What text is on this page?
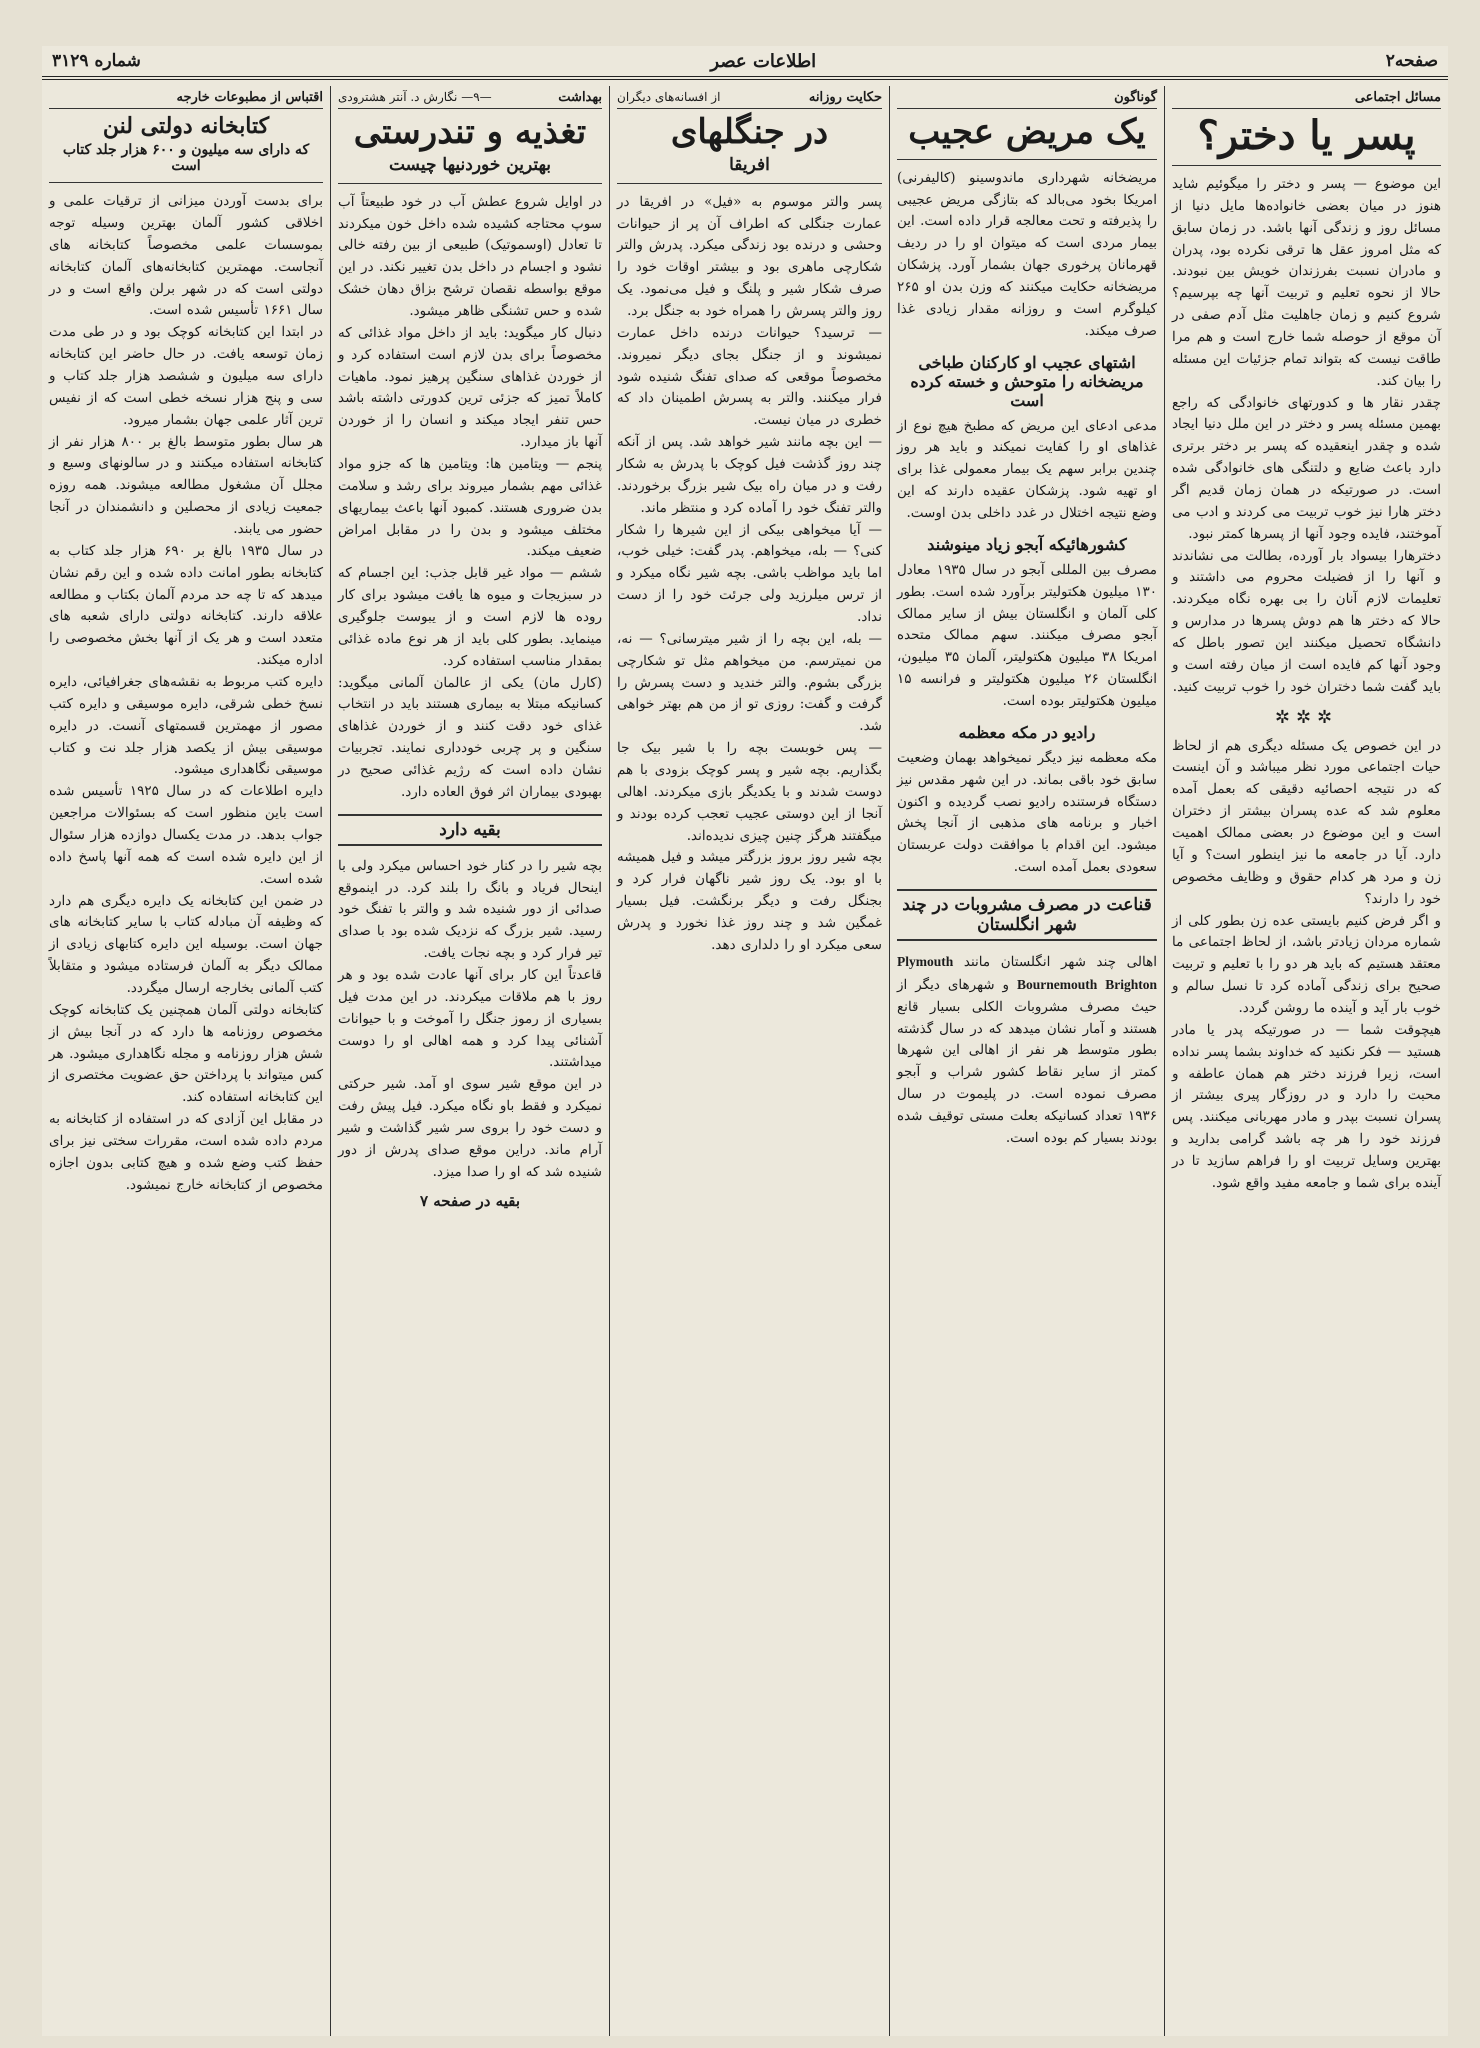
صفحه۲
اطلاعات عصر
شماره ۳۱۲۹
مسائل اجتماعی
پسر یا دختر؟
این موضوع — پسر و دختر را میگوئیم شاید هنوز در میان بعضی خانواده‌ها مایل دنیا از مسائل روز و زندگی آنها باشد. در زمان سابق که مثل امروز عقل ها ترقی نکرده بود، پدران و مادران نسبت بفرزندان خویش بین نبودند. حالا از نحوه تعلیم و تربیت آنها چه بپرسیم؟ شروع کنیم و زمان جاهلیت مثل آدم صفی در آن موقع از حوصله شما خارج است و هم مرا طاقت نیست که بتواند تمام جزئیات این مسئله را بیان کند.
چقدر نقار ها و کدورتهای خانوادگی که راجع بهمین مسئله پسر و دختر در این ملل دنیا ایجاد شده و چقدر اینعقیده که پسر بر دختر برتری دارد باعث ضایع و دلتنگی های خانوادگی شده است. در صورتیکه در همان زمان قدیم اگر دختر هارا نیز خوب تربیت می کردند و ادب می آموختند، فایده وجود آنها از پسرها کمتر نبود.
دخترهارا بیسواد بار آورده، بطالت می نشاندند و آنها را از فضیلت محروم می داشتند و تعلیمات لازم آنان را بی بهره نگاه میکردند. حالا که دختر ها هم دوش پسرها در مدارس و دانشگاه تحصیل میکنند این تصور باطل که وجود آنها کم فایده است از میان رفته است و باید گفت شما دختران خود را خوب تربیت کنید.
✲✲✲
در این خصوص یک مسئله دیگری هم از لحاظ حیات اجتماعی مورد نظر میباشد و آن اینست که در نتیجه احصائیه دقیقی که بعمل آمده معلوم شد که عده پسران بیشتر از دختران است و این موضوع در بعضی ممالک اهمیت دارد. آیا در جامعه ما نیز اینطور است؟ و آیا زن و مرد هر کدام حقوق و وظایف مخصوص خود را دارند؟
و اگر فرض کنیم بایستی عده زن بطور کلی از شماره مردان زیادتر باشد، از لحاظ اجتماعی ما معتقد هستیم که باید هر دو را با تعلیم و تربیت صحیح برای زندگی آماده کرد تا نسل سالم و خوب بار آید و آینده ما روشن گردد.
هیچوقت شما — در صورتیکه پدر یا مادر هستید — فکر نکنید که خداوند بشما پسر نداده است، زیرا فرزند دختر هم همان عاطفه و محبت را دارد و در روزگار پیری بیشتر از پسران نسبت بپدر و مادر مهربانی میکنند. پس فرزند خود را هر چه باشد گرامی بدارید و بهترین وسایل تربیت او را فراهم سازید تا در آینده برای شما و جامعه مفید واقع شود.
گوناگون
یک مریض عجیب
مریضخانه شهرداری ماندوسینو (کالیفرنی) امریکا بخود می‌بالد که بتازگی مریض عجیبی را پذیرفته و تحت معالجه قرار داده است. این بیمار مردی است که میتوان او را در ردیف قهرمانان پرخوری جهان بشمار آورد. پزشکان مریضخانه حکایت میکنند که وزن بدن او ۲۶۵ کیلوگرم است و روزانه مقدار زیادی غذا صرف میکند.
اشتهای عجیب او کارکنان طباخی مریضخانه را متوحش و خسته کرده است
مدعی ادعای این مریض که مطبخ هیچ نوع از غذاهای او را کفایت نمیکند و باید هر روز چندین برابر سهم یک بیمار معمولی غذا برای او تهیه شود. پزشکان عقیده دارند که این وضع نتیجه اختلال در غدد داخلی بدن اوست.
کشورهائیکه آبجو زیاد مینوشند
مصرف بین المللی آبجو در سال ۱۹۳۵ معادل ۱۳۰ میلیون هکتولیتر برآورد شده است. بطور کلی آلمان و انگلستان بیش از سایر ممالک آبجو مصرف میکنند. سهم ممالک متحده امریکا ۳۸ میلیون هکتولیتر، آلمان ۳۵ میلیون، انگلستان ۲۶ میلیون هکتولیتر و فرانسه ۱۵ میلیون هکتولیتر بوده است.
رادیو در مکه معظمه
مکه معظمه نیز دیگر نمیخواهد بهمان وضعیت سابق خود باقی بماند. در این شهر مقدس نیز دستگاه فرستنده رادیو نصب گردیده و اکنون اخبار و برنامه های مذهبی از آنجا پخش میشود. این اقدام با موافقت دولت عربستان سعودی بعمل آمده است.
قناعت در مصرف مشروبات در چند شهر انگلستان
اهالی چند شهر انگلستان مانند Plymouth Bournemouth Brighton و شهرهای دیگر از حیث مصرف مشروبات الکلی بسیار قانع هستند و آمار نشان میدهد که در سال گذشته بطور متوسط هر نفر از اهالی این شهرها کمتر از سایر نقاط کشور شراب و آبجو مصرف نموده است. در پلیموت در سال ۱۹۳۶ تعداد کسانیکه بعلت مستی توقیف شده بودند بسیار کم بوده است.
حکایت روزانه
از افسانه‌های دیگران
در جنگلهای
افریقا
پسر والتر موسوم به «فیل» در افریقا در عمارت جنگلی که اطراف آن پر از حیوانات وحشی و درنده بود زندگی میکرد. پدرش والتر شکارچی ماهری بود و بیشتر اوقات خود را صرف شکار شیر و پلنگ و فیل می‌نمود. یک روز والتر پسرش را همراه خود به جنگل برد.
— ترسید؟ حیوانات درنده داخل عمارت نمیشوند و از جنگل بجای دیگر نمیروند. مخصوصاً موقعی که صدای تفنگ شنیده شود فرار میکنند. والتر به پسرش اطمینان داد که خطری در میان نیست.
— این بچه مانند شیر خواهد شد. پس از آنکه چند روز گذشت فیل کوچک با پدرش به شکار رفت و در میان راه بیک شیر بزرگ برخوردند. والتر تفنگ خود را آماده کرد و منتظر ماند.
— آیا میخواهی بیکی از این شیرها را شکار کنی؟ — بله، میخواهم. پدر گفت: خیلی خوب، اما باید مواظب باشی. بچه شیر نگاه میکرد و از ترس میلرزید ولی جرئت خود را از دست نداد.
— بله، این بچه را از شیر میترسانی؟ — نه، من نمیترسم. من میخواهم مثل تو شکارچی بزرگی بشوم. والتر خندید و دست پسرش را گرفت و گفت: روزی تو از من هم بهتر خواهی شد.
— پس خوبست بچه را با شیر بیک جا بگذاریم. بچه شیر و پسر کوچک بزودی با هم دوست شدند و با یکدیگر بازی میکردند. اهالی آنجا از این دوستی عجیب تعجب کرده بودند و میگفتند هرگز چنین چیزی ندیده‌اند.
بچه شیر روز بروز بزرگتر میشد و فیل همیشه با او بود. یک روز شیر ناگهان فرار کرد و بجنگل رفت و دیگر برنگشت. فیل بسیار غمگین شد و چند روز غذا نخورد و پدرش سعی میکرد او را دلداری دهد.
بهداشت
—۹— نگارش د. آنتر هشترودی
تغذیه و تندرستی
بهترین خوردنیها چیست
در اوایل شروع عطش آب در خود طبیعتاً آب سوپ محتاجه کشیده شده داخل خون میکردند تا تعادل (اوسموتیک) طبیعی از بین رفته خالی نشود و اجسام در داخل بدن تغییر نکند. در این موقع بواسطه نقصان ترشح بزاق دهان خشک شده و حس تشنگی ظاهر میشود.
دنبال کار میگوید: باید از داخل مواد غذائی که مخصوصاً برای بدن لازم است استفاده کرد و از خوردن غذاهای سنگین پرهیز نمود. ماهیات کاملاً تمیز که جزئی ترین کدورتی داشته باشد حس تنفر ایجاد میکند و انسان را از خوردن آنها باز میدارد.
پنجم — ویتامین ها: ویتامین ها که جزو مواد غذائی مهم بشمار میروند برای رشد و سلامت بدن ضروری هستند. کمبود آنها باعث بیماریهای مختلف میشود و بدن را در مقابل امراض ضعیف میکند.
ششم — مواد غیر قابل جذب: این اجسام که در سبزیجات و میوه ها یافت میشود برای کار روده ها لازم است و از یبوست جلوگیری مینماید. بطور کلی باید از هر نوع ماده غذائی بمقدار مناسب استفاده کرد.
(کارل مان) یکی از عالمان آلمانی میگوید: کسانیکه مبتلا به بیماری هستند باید در انتخاب غذای خود دقت کنند و از خوردن غذاهای سنگین و پر چربی خودداری نمایند. تجربیات نشان داده است که رژیم غذائی صحیح در بهبودی بیماران اثر فوق العاده دارد.
بقیه دارد
بچه شیر را در کنار خود احساس میکرد ولی با اینحال فریاد و بانگ را بلند کرد. در اینموقع صدائی از دور شنیده شد و والتر با تفنگ خود رسید. شیر بزرگ که نزدیک شده بود با صدای تیر فرار کرد و بچه نجات یافت.
قاعدتاً این کار برای آنها عادت شده بود و هر روز با هم ملاقات میکردند. در این مدت فیل بسیاری از رموز جنگل را آموخت و با حیوانات آشنائی پیدا کرد و همه اهالی او را دوست میداشتند.
در این موقع شیر سوی او آمد. شیر حرکتی نمیکرد و فقط باو نگاه میکرد. فیل پیش رفت و دست خود را بروی سر شیر گذاشت و شیر آرام ماند. دراین موقع صدای پدرش از دور شنیده شد که او را صدا میزد.
بقیه در صفحه ۷
اقتباس از مطبوعات خارجه
کتابخانه دولتی لنن
که دارای سه میلیون و ۶۰۰ هزار جلد کتاب است
برای بدست آوردن میزانی از ترقیات علمی و اخلاقی کشور آلمان بهترین وسیله توجه بموسسات علمی مخصوصاً کتابخانه های آنجاست. مهمترین کتابخانه‌های آلمان کتابخانه دولتی است که در شهر برلن واقع است و در سال ۱۶۶۱ تأسیس شده است.
در ابتدا این کتابخانه کوچک بود و در طی مدت زمان توسعه یافت. در حال حاضر این کتابخانه دارای سه میلیون و ششصد هزار جلد کتاب و سی و پنج هزار نسخه خطی است که از نفیس ترین آثار علمی جهان بشمار میرود.
هر سال بطور متوسط بالغ بر ۸۰۰ هزار نفر از کتابخانه استفاده میکنند و در سالونهای وسیع و مجلل آن مشغول مطالعه میشوند. همه روزه جمعیت زیادی از محصلین و دانشمندان در آنجا حضور می یابند.
در سال ۱۹۳۵ بالغ بر ۶۹۰ هزار جلد کتاب به کتابخانه بطور امانت داده شده و این رقم نشان میدهد که تا چه حد مردم آلمان بکتاب و مطالعه علاقه دارند. کتابخانه دولتی دارای شعبه های متعدد است و هر یک از آنها بخش مخصوصی را اداره میکند.
دایره کتب مربوط به نقشه‌های جغرافیائی، دایره نسخ خطی شرقی، دایره موسیقی و دایره کتب مصور از مهمترین قسمتهای آنست. در دایره موسیقی بیش از یکصد هزار جلد نت و کتاب موسیقی نگاهداری میشود.
دایره اطلاعات که در سال ۱۹۲۵ تأسیس شده است باین منظور است که بسئوالات مراجعین جواب بدهد. در مدت یکسال دوازده هزار سئوال از این دایره شده است که همه آنها پاسخ داده شده است.
در ضمن این کتابخانه یک دایره دیگری هم دارد که وظیفه آن مبادله کتاب با سایر کتابخانه های جهان است. بوسیله این دایره کتابهای زیادی از ممالک دیگر به آلمان فرستاده میشود و متقابلاً کتب آلمانی بخارجه ارسال میگردد.
کتابخانه دولتی آلمان همچنین یک کتابخانه کوچک مخصوص روزنامه ها دارد که در آنجا بیش از شش هزار روزنامه و مجله نگاهداری میشود. هر کس میتواند با پرداختن حق عضویت مختصری از این کتابخانه استفاده کند.
در مقابل این آزادی که در استفاده از کتابخانه به مردم داده شده است، مقررات سختی نیز برای حفظ کتب وضع شده و هیچ کتابی بدون اجازه مخصوص از کتابخانه خارج نمیشود.
